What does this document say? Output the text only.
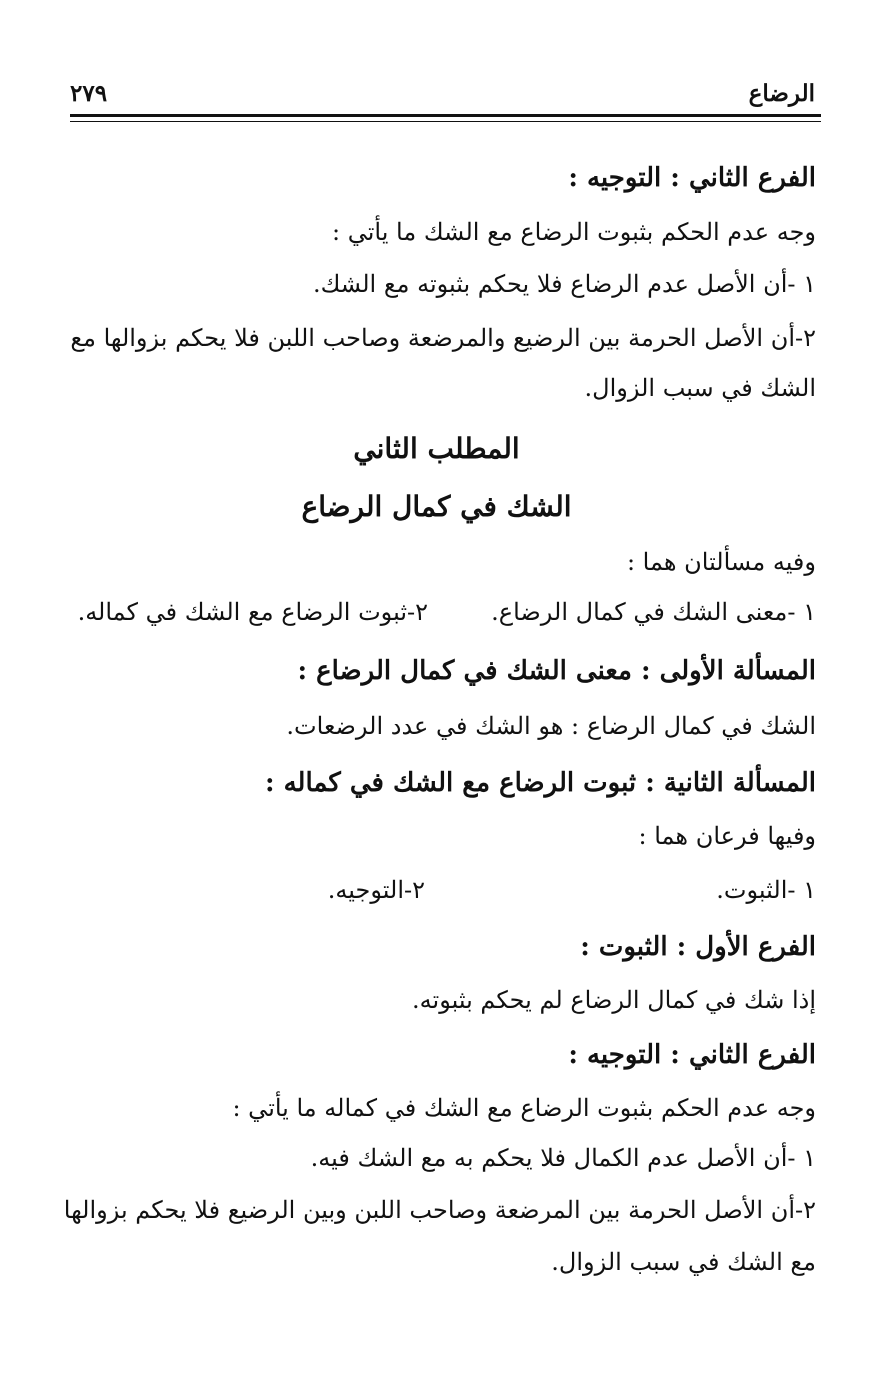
الرضاع
٢٧٩
الفرع الثاني : التوجيه :
وجه عدم الحكم بثبوت الرضاع مع الشك ما يأتي :
١ -أن الأصل عدم الرضاع فلا يحكم بثبوته مع الشك.
٢-أن الأصل الحرمة بين الرضيع والمرضعة وصاحب اللبن فلا يحكم بزوالها مع
الشك في سبب الزوال.
المطلب الثاني
الشك في كمال الرضاع
وفيه مسألتان هما :
١ -معنى الشك في كمال الرضاع.
٢-ثبوت الرضاع مع الشك في كماله.
المسألة الأولى : معنى الشك في كمال الرضاع :
الشك في كمال الرضاع : هو الشك في عدد الرضعات.
المسألة الثانية : ثبوت الرضاع مع الشك في كماله :
وفيها فرعان هما :
١ -الثبوت.
٢-التوجيه.
الفرع الأول : الثبوت :
إذا شك في كمال الرضاع لم يحكم بثبوته.
الفرع الثاني : التوجيه :
وجه عدم الحكم بثبوت الرضاع مع الشك في كماله ما يأتي :
١ -أن الأصل عدم الكمال فلا يحكم به مع الشك فيه.
٢-أن الأصل الحرمة بين المرضعة وصاحب اللبن وبين الرضيع فلا يحكم بزوالها
مع الشك في سبب الزوال.
